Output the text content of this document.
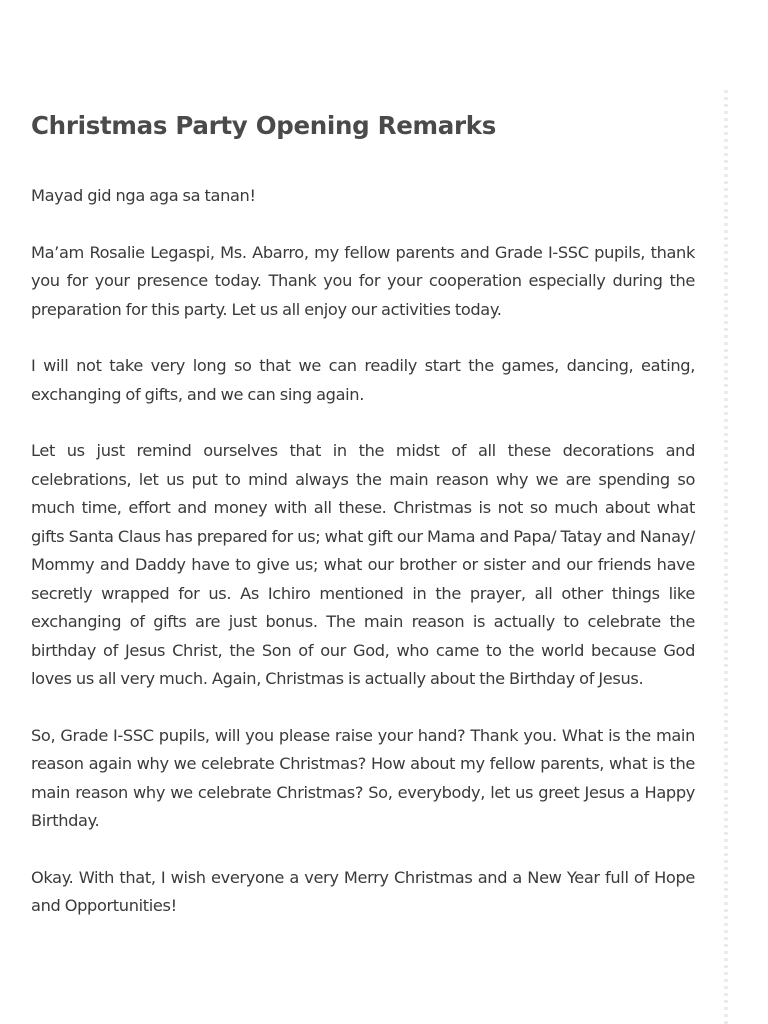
Christmas Party Opening Remarks

Mayad gid nga aga sa tanan!

Ma’am Rosalie Legaspi, Ms. Abarro, my fellow parents and Grade I-SSC pupils, thank you for your presence today. Thank you for your cooperation especially during the preparation for this party. Let us all enjoy our activities today.

I will not take very long so that we can readily start the games, dancing, eating, exchanging of gifts, and we can sing again.

Let us just remind ourselves that in the midst of all these decorations and celebrations, let us put to mind always the main reason why we are spending so much time, effort and money with all these. Christmas is not so much about what gifts Santa Claus has prepared for us; what gift our Mama and Papa/ Tatay and Nanay/ Mommy and Daddy have to give us; what our brother or sister and our friends have secretly wrapped for us. As Ichiro mentioned in the prayer, all other things like exchanging of gifts are just bonus. The main reason is actually to celebrate the birthday of Jesus Christ, the Son of our God, who came to the world because God loves us all very much. Again, Christmas is actually about the Birthday of Jesus.

So, Grade I-SSC pupils, will you please raise your hand? Thank you. What is the main reason again why we celebrate Christmas? How about my fellow parents, what is the main reason why we celebrate Christmas? So, everybody, let us greet Jesus a Happy Birthday.

Okay. With that, I wish everyone a very Merry Christmas and a New Year full of Hope and Opportunities!
